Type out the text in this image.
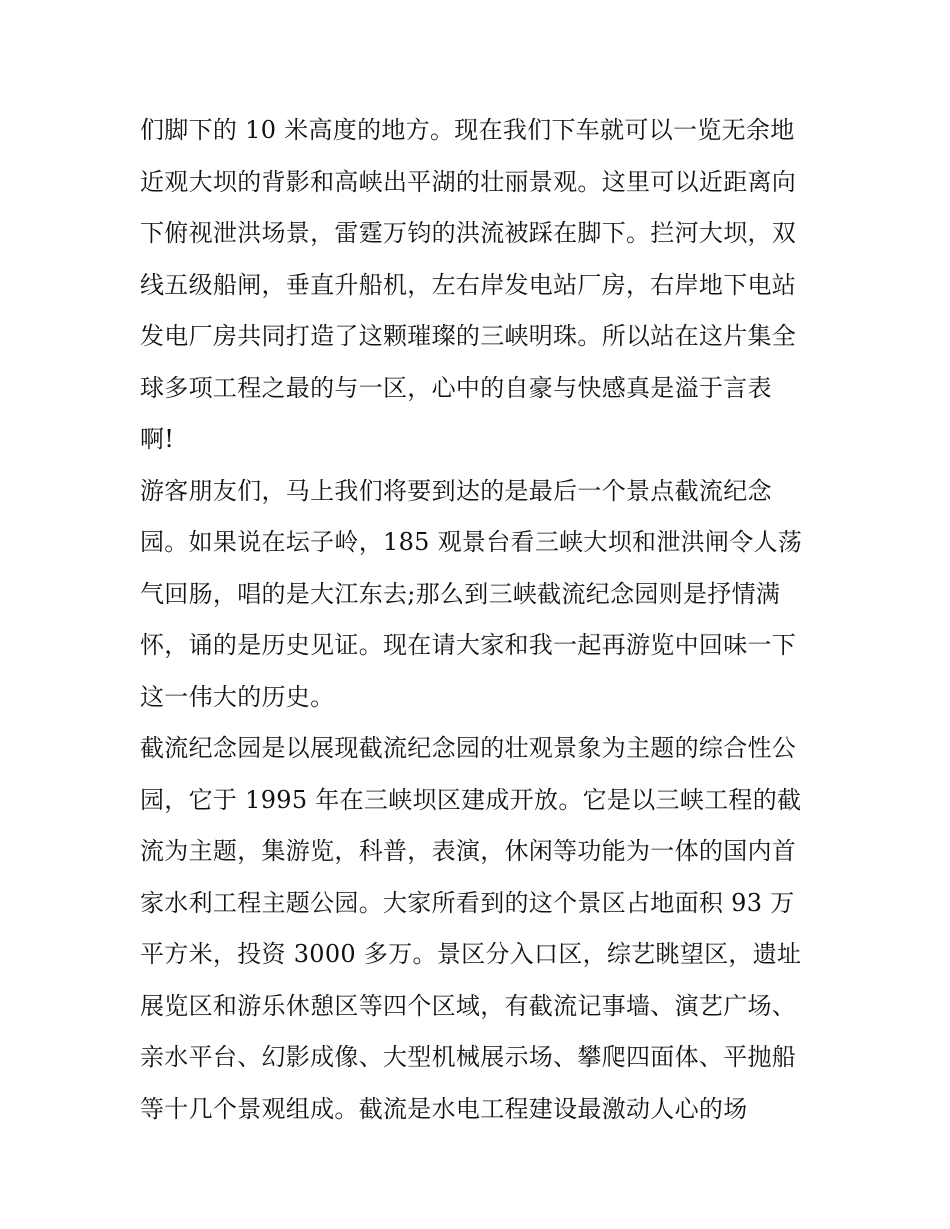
们脚下的 10 米高度的地方。现在我们下车就可以一览无余地
近观大坝的背影和高峡出平湖的壮丽景观。这里可以近距离向
下俯视泄洪场景，雷霆万钧的洪流被踩在脚下。拦河大坝，双
线五级船闸，垂直升船机，左右岸发电站厂房，右岸地下电站
发电厂房共同打造了这颗璀璨的三峡明珠。所以站在这片集全
球多项工程之最的与一区，心中的自豪与快感真是溢于言表
啊!
游客朋友们，马上我们将要到达的是最后一个景点截流纪念
园。如果说在坛子岭，185 观景台看三峡大坝和泄洪闸令人荡
气回肠，唱的是大江东去;那么到三峡截流纪念园则是抒情满
怀，诵的是历史见证。现在请大家和我一起再游览中回味一下
这一伟大的历史。
截流纪念园是以展现截流纪念园的壮观景象为主题的综合性公
园，它于 1995 年在三峡坝区建成开放。它是以三峡工程的截
流为主题，集游览，科普，表演，休闲等功能为一体的国内首
家水利工程主题公园。大家所看到的这个景区占地面积 93 万
平方米，投资 3000 多万。景区分入口区，综艺眺望区，遗址
展览区和游乐休憩区等四个区域，有截流记事墙、演艺广场、
亲水平台、幻影成像、大型机械展示场、攀爬四面体、平抛船
等十几个景观组成。截流是水电工程建设最激动人心的场
